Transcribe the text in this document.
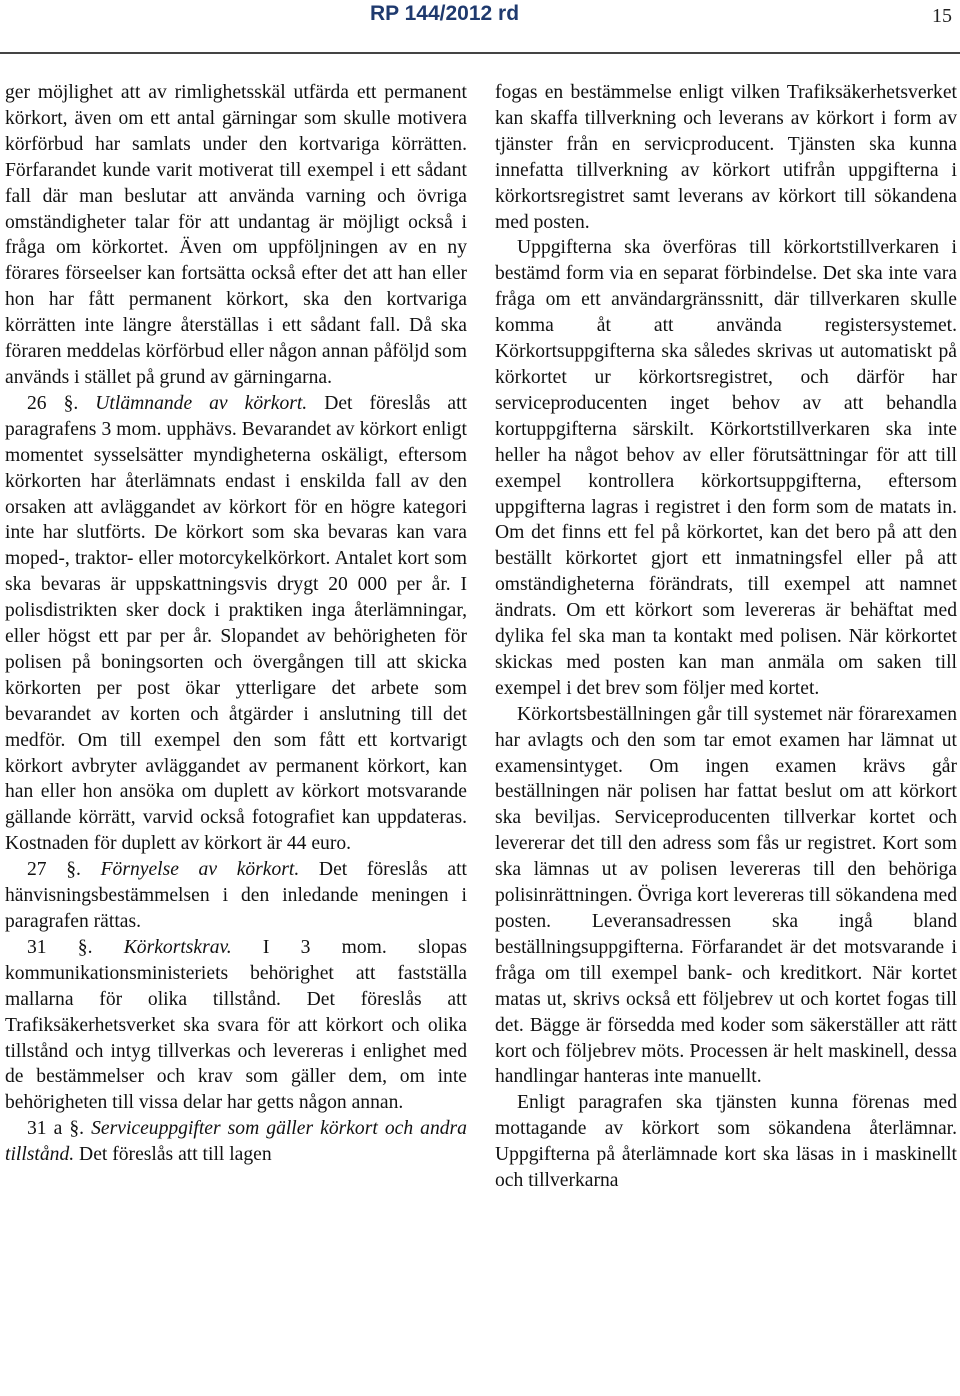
RP 144/2012 rd	15

ger möjlighet att av rimlighetsskäl utfärda ett permanent körkort, även om ett antal gärningar som skulle motivera körförbud har samlats under den kortvariga körrätten. Förfarandet kunde varit motiverat till exempel i ett sådant fall där man beslutar att använda varning och övriga omständigheter talar för att undantag är möjligt också i fråga om körkortet. Även om uppföljningen av en ny förares förseelser kan fortsätta också efter det att han eller hon har fått permanent körkort, ska den kortvariga körrätten inte längre återställas i ett sådant fall. Då ska föraren meddelas körförbud eller någon annan påföljd som används i stället på grund av gärningarna.

26 §. Utlämnande av körkort. Det föreslås att paragrafens 3 mom. upphävs. Bevarandet av körkort enligt momentet sysselsätter myndigheterna oskäligt, eftersom körkorten har återlämnats endast i enskilda fall av den orsaken att avläggandet av körkort för en högre kategori inte har slutförts. De körkort som ska bevaras kan vara moped-, traktor- eller motorcykelkörkort. Antalet kort som ska bevaras är uppskattningsvis drygt 20 000 per år. I polisdistrikten sker dock i praktiken inga återlämningar, eller högst ett par per år. Slopandet av behörigheten för polisen på boningsorten och övergången till att skicka körkorten per post ökar ytterligare det arbete som bevarandet av korten och åtgärder i anslutning till det medför. Om till exempel den som fått ett kortvarigt körkort avbryter avläggandet av permanent körkort, kan han eller hon ansöka om duplett av körkort motsvarande gällande körrätt, varvid också fotografiet kan uppdateras. Kostnaden för duplett av körkort är 44 euro.

27 §. Förnyelse av körkort. Det föreslås att hänvisningsbestämmelsen i den inledande meningen i paragrafen rättas.

31 §. Körkortskrav. I 3 mom. slopas kommunikationsministeriets behörighet att fastställa mallarna för olika tillstånd. Det föreslås att Trafiksäkerhetsverket ska svara för att körkort och olika tillstånd och intyg tillverkas och levereras i enlighet med de bestämmelser och krav som gäller dem, om inte behörigheten till vissa delar har getts någon annan.

31 a §. Serviceuppgifter som gäller körkort och andra tillstånd. Det föreslås att till lagen

fogas en bestämmelse enligt vilken Trafiksäkerhetsverket kan skaffa tillverkning och leverans av körkort i form av tjänster från en servicproducent. Tjänsten ska kunna innefatta tillverkning av körkort utifrån uppgifterna i körkortsregistret samt leverans av körkort till sökandena med posten.

Uppgifterna ska överföras till körkortstillverkaren i bestämd form via en separat förbindelse. Det ska inte vara fråga om ett användargränssnitt, där tillverkaren skulle komma åt att använda registersystemet. Körkortsuppgifterna ska således skrivas ut automatiskt på körkortet ur körkortsregistret, och därför har serviceproducenten inget behov av att behandla kortuppgifterna särskilt. Körkortstillverkaren ska inte heller ha något behov av eller förutsättningar för att till exempel kontrollera körkortsuppgifterna, eftersom uppgifterna lagras i registret i den form som de matats in. Om det finns ett fel på körkortet, kan det bero på att den beställt körkortet gjort ett inmatningsfel eller på att omständigheterna förändrats, till exempel att namnet ändrats. Om ett körkort som levereras är behäftat med dylika fel ska man ta kontakt med polisen. När körkortet skickas med posten kan man anmäla om saken till exempel i det brev som följer med kortet.

Körkortsbeställningen går till systemet när förarexamen har avlagts och den som tar emot examen har lämnat ut examensintyget. Om ingen examen krävs går beställningen när polisen har fattat beslut om att körkort ska beviljas. Serviceproducenten tillverkar kortet och levererar det till den adress som fås ur registret. Kort som ska lämnas ut av polisen levereras till den behöriga polisinrättningen. Övriga kort levereras till sökandena med posten. Leveransadressen ska ingå bland beställningsuppgifterna. Förfarandet är det motsvarande i fråga om till exempel bank- och kreditkort. När kortet matas ut, skrivs också ett följebrev ut och kortet fogas till det. Bägge är försedda med koder som säkerställer att rätt kort och följebrev möts. Processen är helt maskinell, dessa handlingar hanteras inte manuellt.

Enligt paragrafen ska tjänsten kunna förenas med mottagande av körkort som sökandena återlämnar. Uppgifterna på återlämnade kort ska läsas in i maskinellt och tillverkarna
